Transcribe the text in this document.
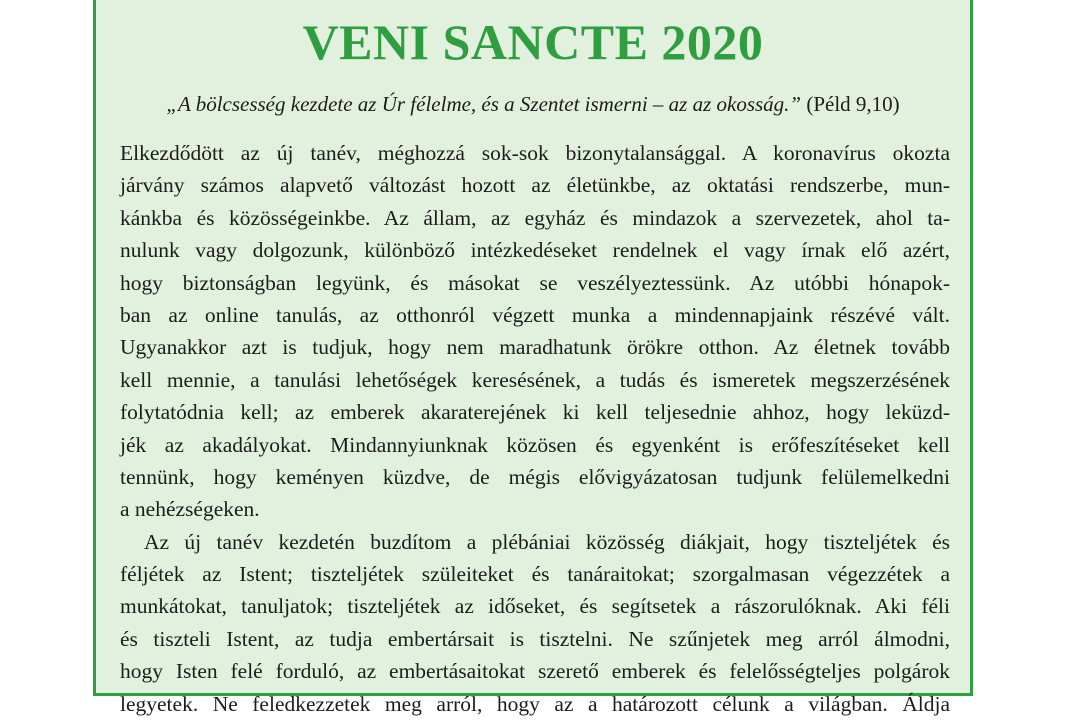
VENI SANCTE 2020
„A bölcsesség kezdete az Úr félelme, és a Szentet ismerni – az az okosság.” (Péld 9,10)
Elkezdődött az új tanév, méghozzá sok-sok bizonytalansággal. A koronavírus okozta
járvány számos alapvető változást hozott az életünkbe, az oktatási rendszerbe, mun-
kánkba és közösségeinkbe. Az állam, az egyház és mindazok a szervezetek, ahol ta-
nulunk vagy dolgozunk, különböző intézkedéseket rendelnek el vagy írnak elő azért,
hogy biztonságban legyünk, és másokat se veszélyeztessünk. Az utóbbi hónapok-
ban az online tanulás, az otthonról végzett munka a mindennapjaink részévé vált.
Ugyanakkor azt is tudjuk, hogy nem maradhatunk örökre otthon. Az életnek tovább
kell mennie, a tanulási lehetőségek keresésének, a tudás és ismeretek megszerzésének
folytatódnia kell; az emberek akaraterejének ki kell teljesednie ahhoz, hogy leküzd-
jék az akadályokat. Mindannyiunknak közösen és egyenként is erőfeszítéseket kell
tennünk, hogy keményen küzdve, de mégis elővigyázatosan tudjunk felülemelkedni
a nehézségeken.
Az új tanév kezdetén buzdítom a plébániai közösség diákjait, hogy tiszteljétek és
féljétek az Istent; tiszteljétek szüleiteket és tanáraitokat; szorgalmasan végezzétek a
munkátokat, tanuljatok; tiszteljétek az időseket, és segítsetek a rászorulóknak. Aki féli
és tiszteli Istent, az tudja embertársait is tisztelni. Ne szűnjetek meg arról álmodni,
hogy Isten felé forduló, az embertásaitokat szerető emberek és felelősségteljes polgárok
legyetek. Ne feledkezzetek meg arról, hogy az a határozott célunk a világban. Áldja
